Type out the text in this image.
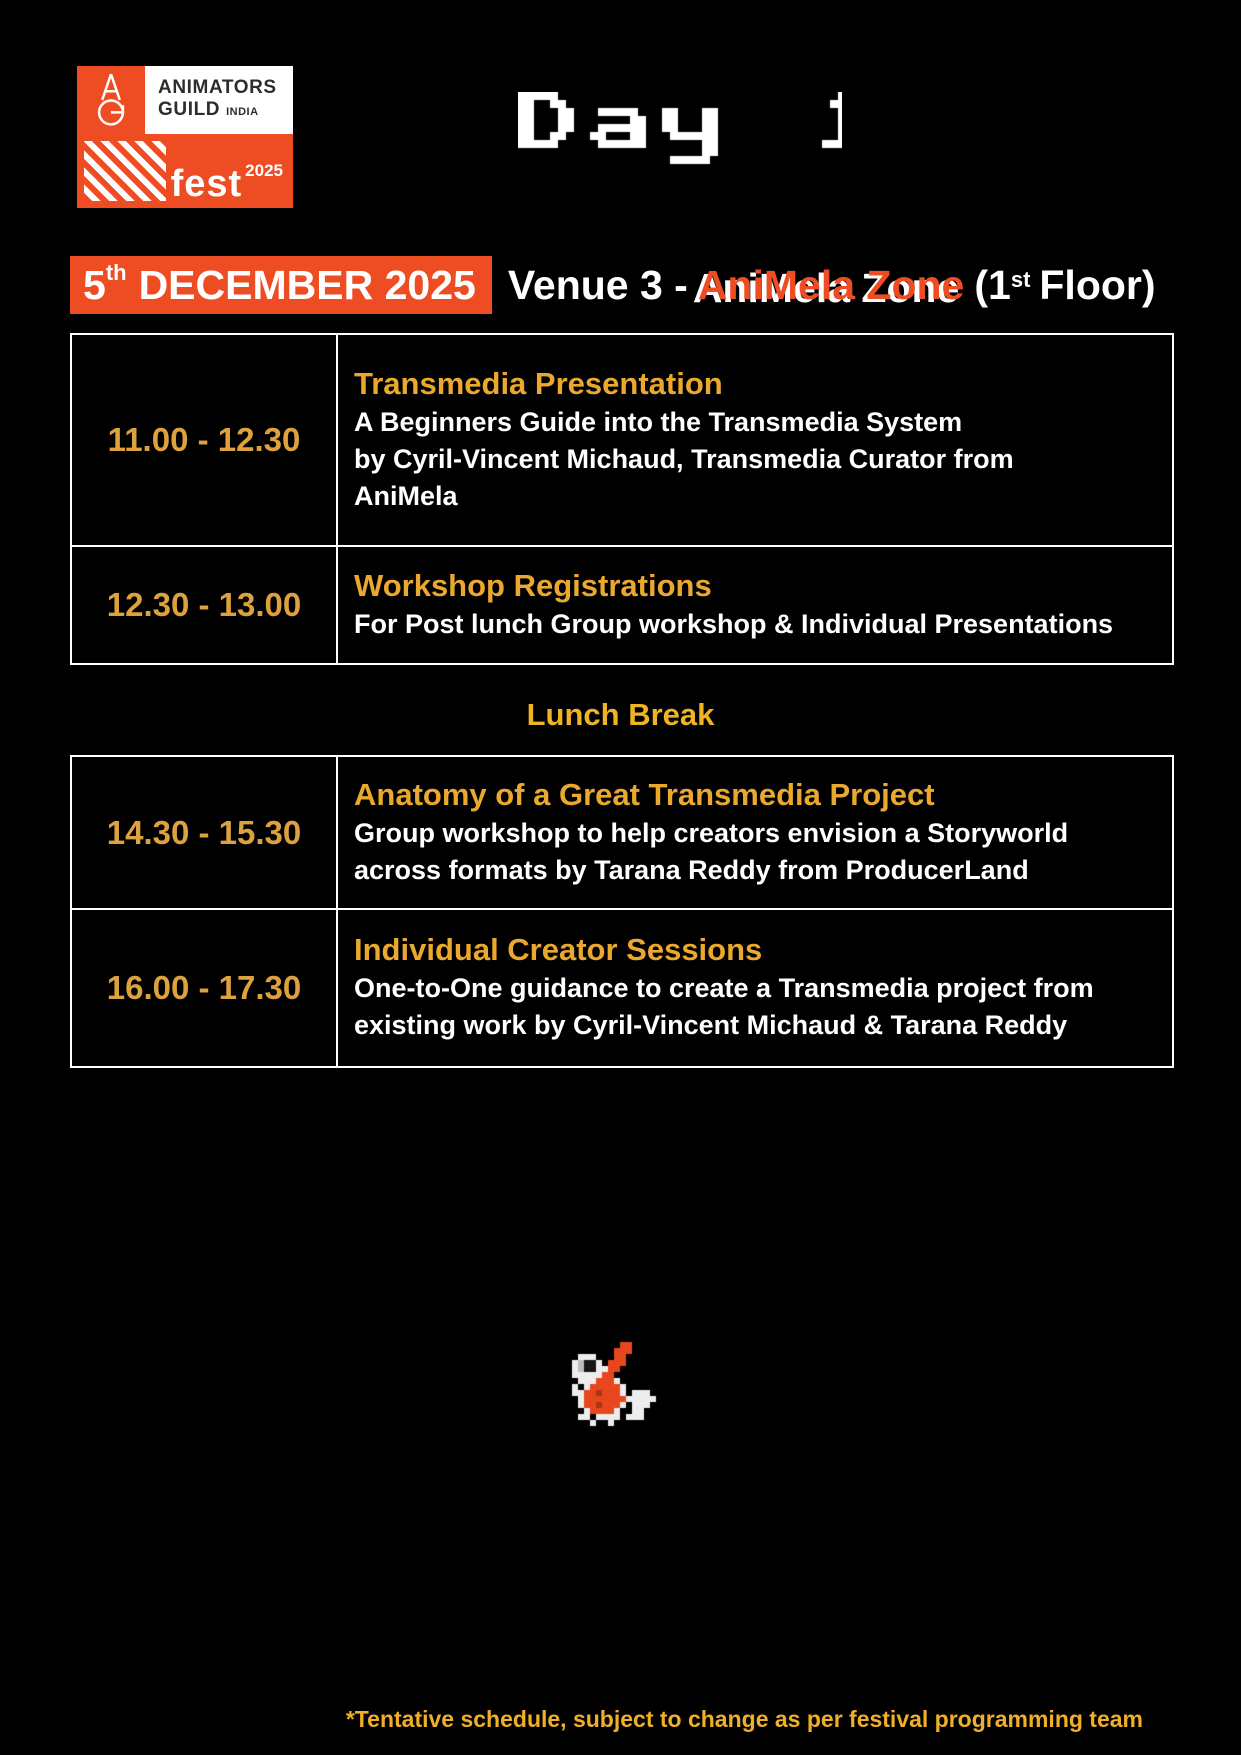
ANIMATORS
GUILD INDIA
fest 2025
5th DECEMBER 2025 Venue 3 - AniMela Zone (1st Floor)
11.00 - 12.30
Transmedia Presentation
A Beginners Guide into the Transmedia System
by Cyril-Vincent Michaud, Transmedia Curator from
AniMela
12.30 - 13.00
Workshop Registrations
For Post lunch Group workshop & Individual Presentations
Lunch Break
14.30 - 15.30
Anatomy of a Great Transmedia Project
Group workshop to help creators envision a Storyworld
across formats by Tarana Reddy from ProducerLand
16.00 - 17.30
Individual Creator Sessions
One-to-One guidance to create a Transmedia project from
existing work by Cyril-Vincent Michaud & Tarana Reddy
*Tentative schedule, subject to change as per festival programming team
